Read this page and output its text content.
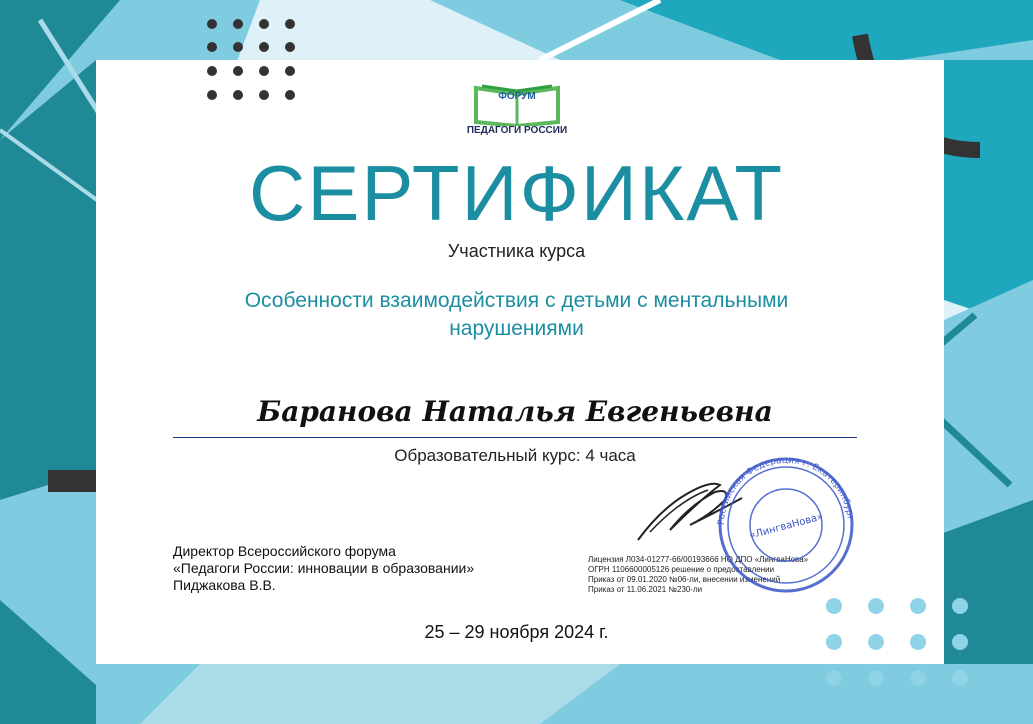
ФОРУМ
ПЕДАГОГИ РОССИИ
СЕРТИФИКАТ
Участника курса
Особенности взаимодействия с детьми с ментальными
нарушениями
Баранова Наталья Евгеньевна
Образовательный курс: 4 часа
Директор Всероссийского форума
«Педагоги России: инновации в образовании»
Пиджакова В.В.
Лицензия Л034-01277-66/00193666 НО ДПО «ЛингваНова»
ОГРН 1106600005126 решение о предоставлении
Приказ от 09.01.2020 №06-ли, внесении изменений
Приказ от 11.06.2021 №230-ли
Российская Федерация г. Екатеринбург
«ЛингваНова»
25 – 29 ноября 2024 г.
